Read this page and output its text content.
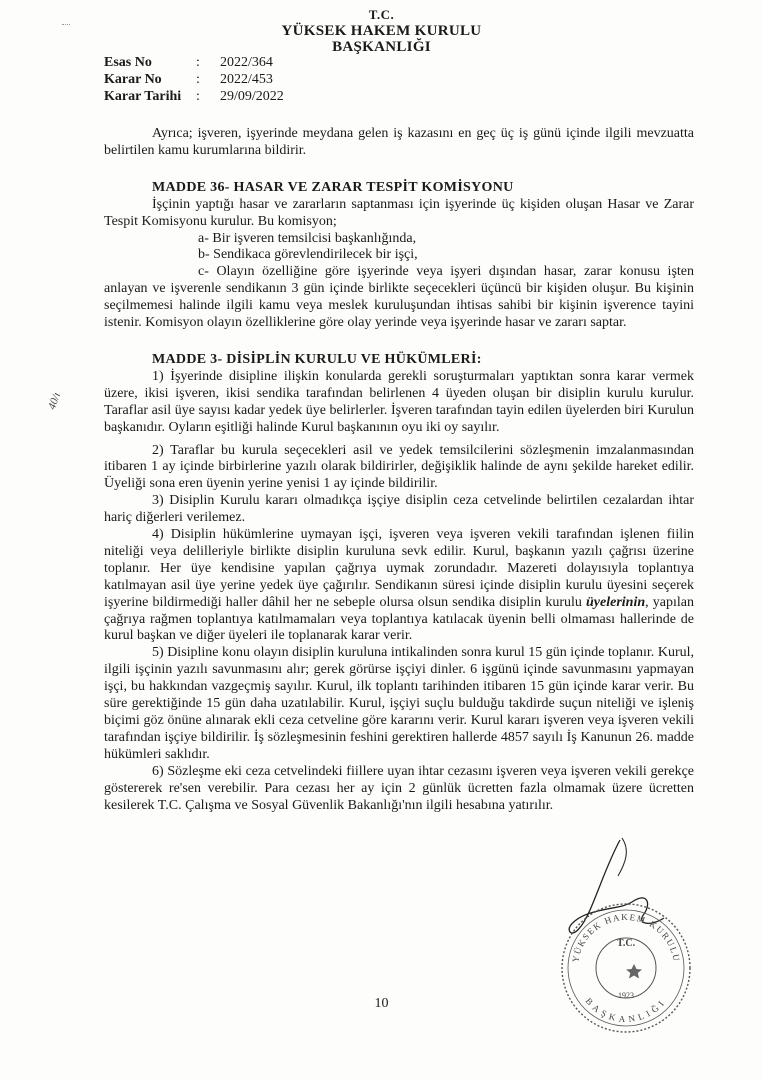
T.C.
YÜKSEK HAKEM KURULU
BAŞKANLIĞI
Esas No	:	2022/364
Karar No	:	2022/453
Karar Tarihi	:	29/09/2022

Ayrıca; işveren, işyerinde meydana gelen iş kazasını en geç üç iş günü içinde ilgili mevzuatta belirtilen kamu kurumlarına bildirir.

MADDE 36- HASAR VE ZARAR TESPİT KOMİSYONU

İşçinin yaptığı hasar ve zararların saptanması için işyerinde üç kişiden oluşan Hasar ve Zarar Tespit Komisyonu kurulur. Bu komisyon;

a- Bir işveren temsilcisi başkanlığında,

b- Sendikaca görevlendirilecek bir işçi,

c- Olayın özelliğine göre işyerinde veya işyeri dışından hasar, zarar konusu işten anlayan ve işverenle sendikanın 3 gün içinde birlikte seçecekleri üçüncü bir kişiden oluşur. Bu kişinin seçilmemesi halinde ilgili kamu veya meslek kuruluşundan ihtisas sahibi bir kişinin işverence tayini istenir. Komisyon olayın özelliklerine göre olay yerinde veya işyerinde hasar ve zararı saptar.

MADDE 3- DİSİPLİN KURULU VE HÜKÜMLERİ:

1) İşyerinde disipline ilişkin konularda gerekli soruşturmaları yaptıktan sonra karar vermek üzere, ikisi işveren, ikisi sendika tarafından belirlenen 4 üyeden oluşan bir disiplin kurulu kurulur. Taraflar asil üye sayısı kadar yedek üye belirlerler. İşveren tarafından tayin edilen üyelerden biri Kurulun başkanıdır. Oyların eşitliği halinde Kurul başkanının oyu iki oy sayılır.

2) Taraflar bu kurula seçecekleri asil ve yedek temsilcilerini sözleşmenin imzalanmasından itibaren 1 ay içinde birbirlerine yazılı olarak bildirirler, değişiklik halinde de aynı şekilde hareket edilir. Üyeliği sona eren üyenin yerine yenisi 1 ay içinde bildirilir.

3) Disiplin Kurulu kararı olmadıkça işçiye disiplin ceza cetvelinde belirtilen cezalardan ihtar hariç diğerleri verilemez.

4) Disiplin hükümlerine uymayan işçi, işveren veya işveren vekili tarafından işlenen fiilin niteliği veya delilleriyle birlikte disiplin kuruluna sevk edilir. Kurul, başkanın yazılı çağrısı üzerine toplanır. Her üye kendisine yapılan çağrıya uymak zorundadır. Mazereti dolayısıyla toplantıya katılmayan asil üye yerine yedek üye çağırılır. Sendikanın süresi içinde disiplin kurulu üyesini seçerek işyerine bildirmediği haller dâhil her ne sebeple olursa olsun sendika disiplin kurulu üyelerinin, yapılan çağrıya rağmen toplantıya katılmamaları veya toplantıya katılacak üyenin belli olmaması hallerinde de kurul başkan ve diğer üyeleri ile toplanarak karar verir.

5) Disipline konu olayın disiplin kuruluna intikalinden sonra kurul 15 gün içinde toplanır. Kurul, ilgili işçinin yazılı savunmasını alır; gerek görürse işçiyi dinler. 6 işgünü içinde savunmasını yapmayan işçi, bu hakkından vazgeçmiş sayılır. Kurul, ilk toplantı tarihinden itibaren 15 gün içinde karar verir. Bu süre gerektiğinde 15 gün daha uzatılabilir. Kurul, işçiyi suçlu bulduğu takdirde suçun niteliği ve işleniş biçimi göz önüne alınarak ekli ceza cetveline göre kararını verir. Kurul kararı işveren veya işveren vekili tarafından işçiye bildirilir. İş sözleşmesinin feshini gerektiren hallerde 4857 sayılı İş Kanunun 26. madde hükümleri saklıdır.

6) Sözleşme eki ceza cetvelindeki fiillere uyan ihtar cezasını işveren veya işveren vekili gerekçe göstererek re'sen verebilir. Para cezası her ay için 2 günlük ücretten fazla olmamak üzere ücretten kesilerek T.C. Çalışma ve Sosyal Güvenlik Bakanlığı'nın ilgili hesabına yatırılır.

40/ı
YÜKSEK HAKEM KURULU
BAŞKANLIĞI
T.C.
1923
10
